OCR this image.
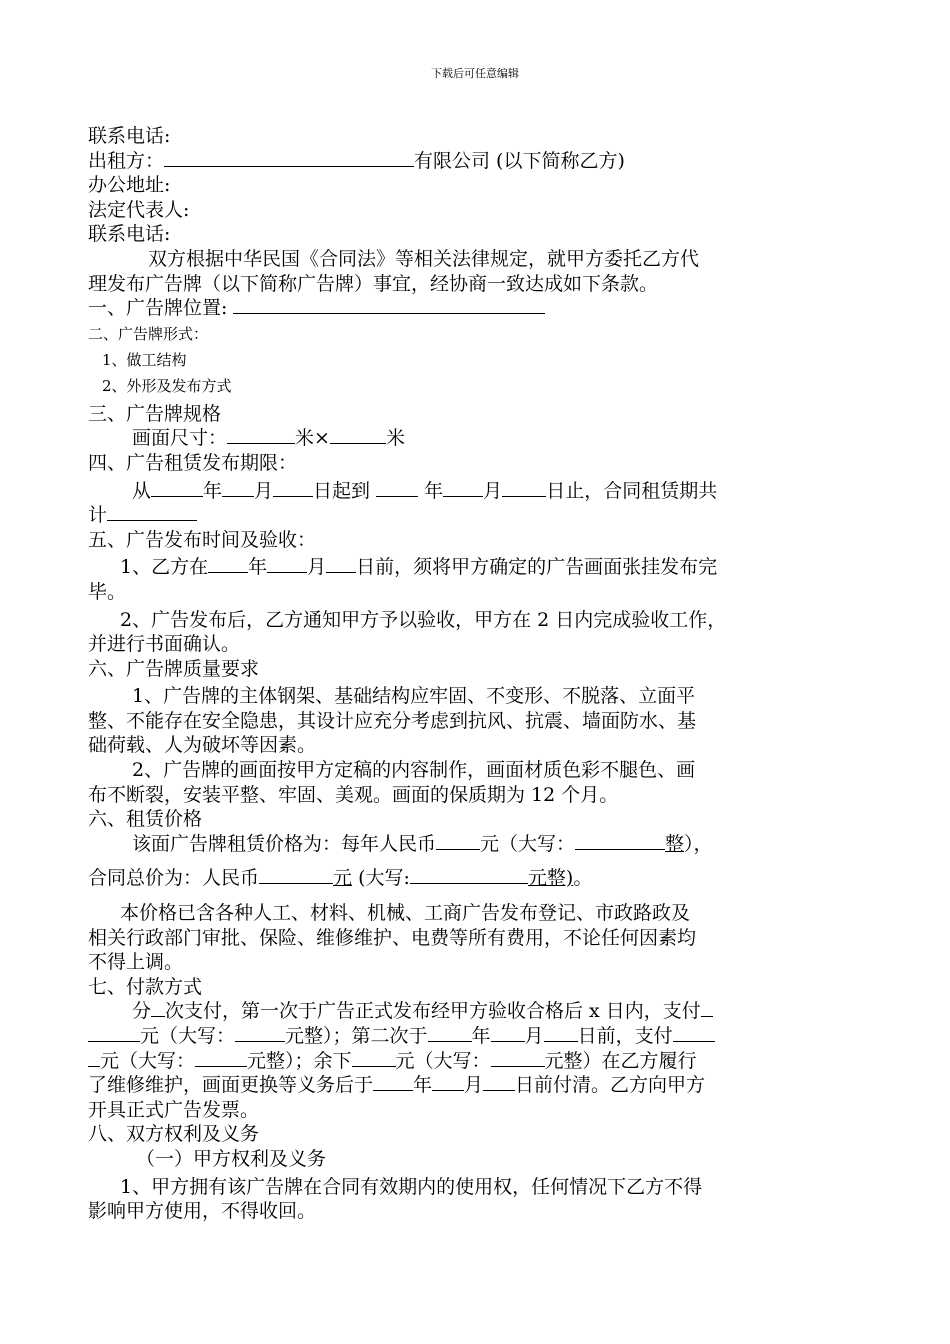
下载后可任意编辑
联系电话:
出租方：	有限公司 (以下简称乙方)
办公地址:
法定代表人:
联系电话:
双方根据中华民国《合同法》等相关法律规定，就甲方委托乙方代
理发布广告牌（以下简称广告牌）事宜，经协商一致达成如下条款。
一、广告牌位置:
二、广告牌形式：
1、做工结构
2、外形及发布方式
三、广告牌规格
画面尺寸：	米×	米
四、广告租赁发布期限：
从	年 月 日起到	年 月 日止，合同租赁期共
计
五、广告发布时间及验收：
1、乙方在 年 月 日前，须将甲方确定的广告画面张挂发布完
毕。
2、广告发布后，乙方通知甲方予以验收，甲方在 2 日内完成验收工作，
并进行书面确认。
六、广告牌质量要求
1、广告牌的主体钢架、基础结构应牢固、不变形、不脱落、立面平
整、不能存在安全隐患，其设计应充分考虑到抗风、抗震、墙面防水、基
础荷载、人为破坏等因素。
2、广告牌的画面按甲方定稿的内容制作，画面材质色彩不腿色、画
布不断裂，安装平整、牢固、美观。画面的保质期为 12 个月。
六、租赁价格
该面广告牌租赁价格为：每年人民币 元（大写：	整），
合同总价为：人民币	元 (大写:	元整)。
本价格已含各种人工、材料、机械、工商广告发布登记、市政路政及
相关行政部门审批、保险、维修维护、电费等所有费用，不论任何因素均
不得上调。
七、付款方式
分 次支付，第一次于广告正式发布经甲方验收合格后 x 日内，支付
元（大写：	元整）；第二次于 年 月 日前，支付
元（大写：	元整）；余下 元（大写：	元整）在乙方履行
了维修维护，画面更换等义务后于 年 月 日前付清。乙方向甲方
开具正式广告发票。
八、双方权利及义务
（一）甲方权利及义务
1、甲方拥有该广告牌在合同有效期内的使用权，任何情况下乙方不得
影响甲方使用，不得收回。
